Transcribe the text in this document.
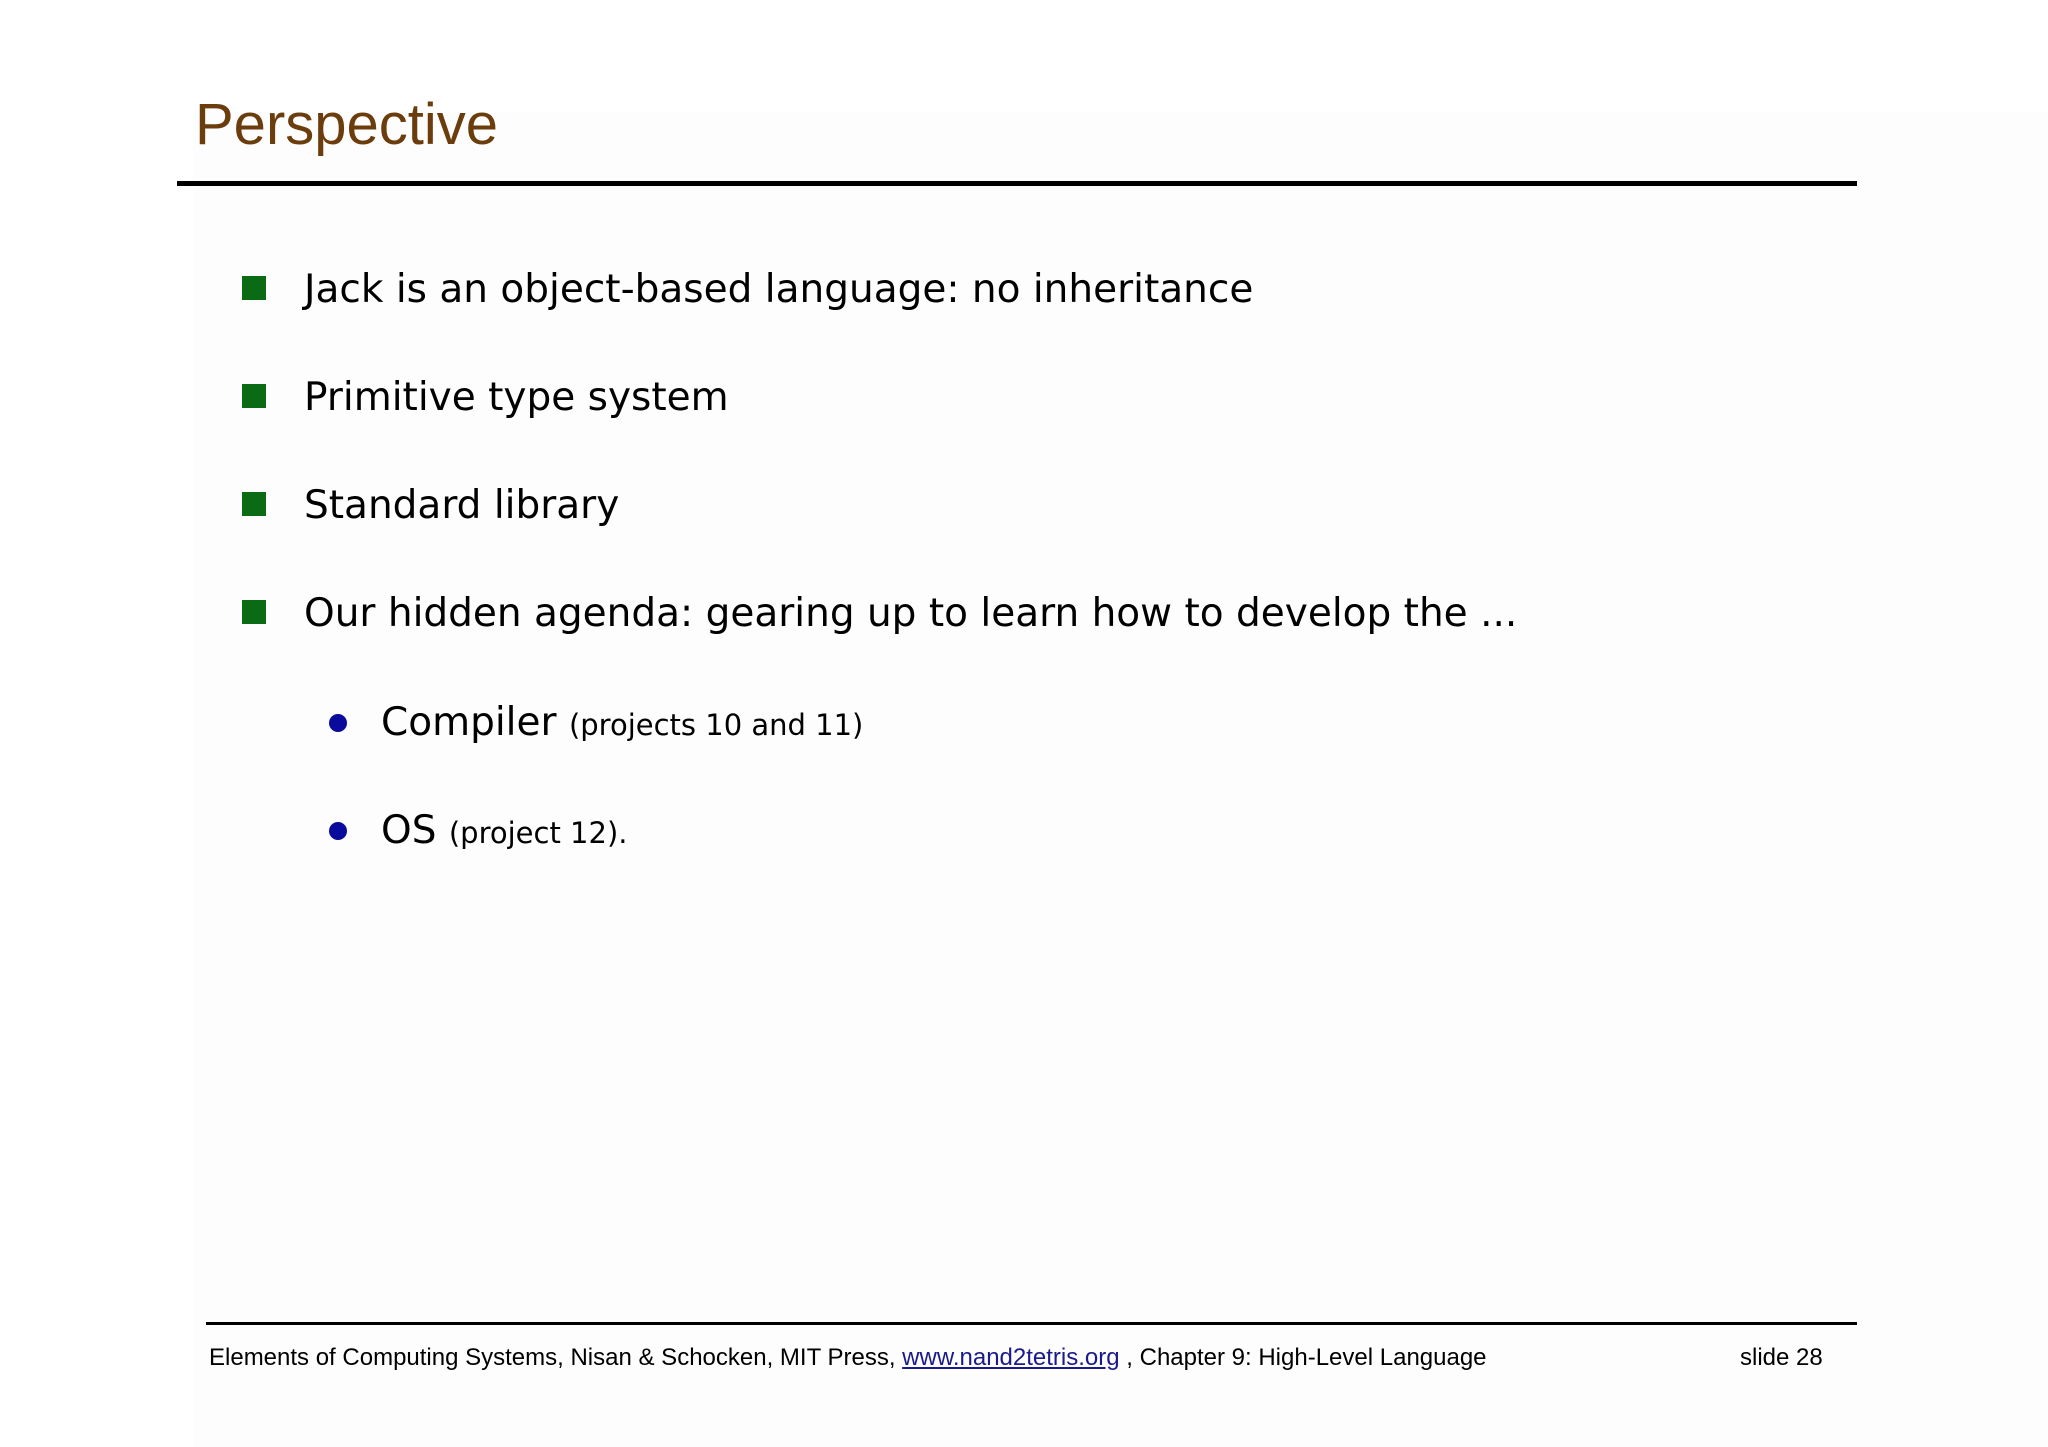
Perspective
Jack is an object-based language: no inheritance
Primitive type system
Standard library
Our hidden agenda: gearing up to learn how to develop the ...
Compiler (projects 10 and 11)
OS (project 12).
Elements of Computing Systems, Nisan & Schocken, MIT Press, www.nand2tetris.org , Chapter 9: High-Level Language	slide 28
